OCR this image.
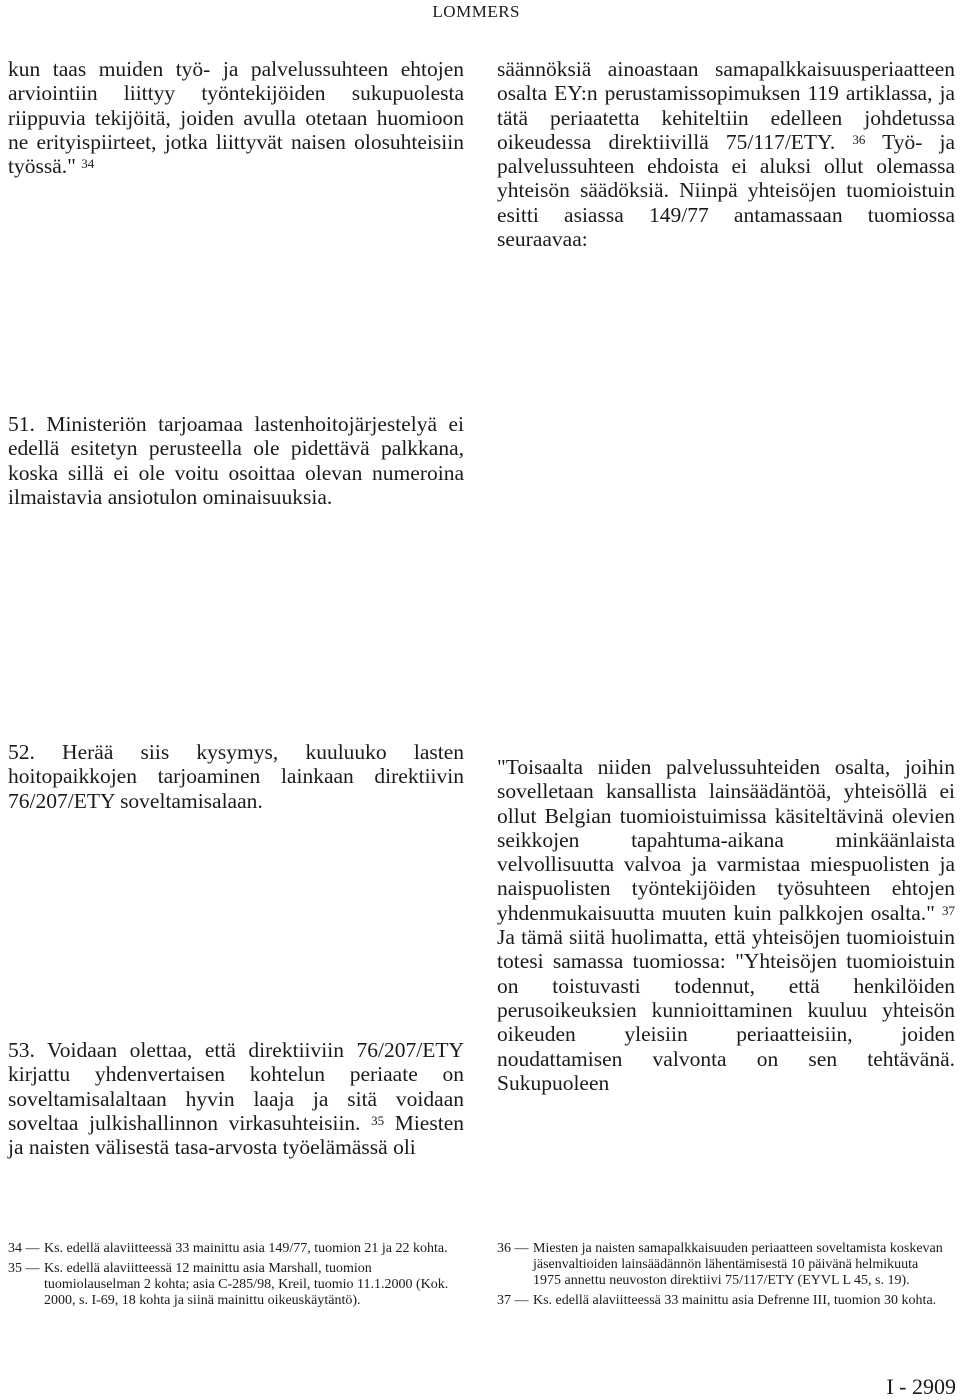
LOMMERS

kun taas muiden työ- ja palvelussuhteen ehtojen arviointiin liittyy työntekijöiden sukupuolesta riippuvia tekijöitä, joiden avulla otetaan huomioon ne erityispiirteet, jotka liittyvät naisen olosuhteisiin työssä." $^{34}$

säännöksiä ainoastaan samapalkkaisuusperiaatteen osalta EY:n perustamissopimuksen 119 artiklassa, ja tätä periaatetta kehiteltiin edelleen johdetussa oikeudessa direktiivillä 75/117/ETY. $^{36}$ Työ- ja palvelussuhteen ehdoista ei aluksi ollut olemassa yhteisön säädöksiä. Niinpä yhteisöjen tuomioistuin esitti asiassa 149/77 antamassaan tuomiossa seuraavaa:

51. Ministeriön tarjoamaa lastenhoitojärjestelyä ei edellä esitetyn perusteella ole pidettävä palkkana, koska sillä ei ole voitu osoittaa olevan numeroina ilmaistavia ansiotulon ominaisuuksia.

52. Herää siis kysymys, kuuluuko lasten hoitopaikkojen tarjoaminen lainkaan direktiivin 76/207/ETY soveltamisalaan.

"Toisaalta niiden palvelussuhteiden osalta, joihin sovelletaan kansallista lainsäädäntöä, yhteisöllä ei ollut Belgian tuomioistuimissa käsiteltävinä olevien seikkojen tapahtuma-aikana minkäänlaista velvollisuutta valvoa ja varmistaa miespuolisten ja naispuolisten työntekijöiden työsuhteen ehtojen yhdenmukaisuutta muuten kuin palkkojen osalta." $^{37}$ Ja tämä siitä huolimatta, että yhteisöjen tuomioistuin totesi samassa tuomiossa: "Yhteisöjen tuomioistuin on toistuvasti todennut, että henkilöiden perusoikeuksien kunnioittaminen kuuluu yhteisön oikeuden yleisiin periaatteisiin, joiden noudattamisen valvonta on sen tehtävänä. Sukupuoleen

53. Voidaan olettaa, että direktiiviin 76/207/ETY kirjattu yhdenvertaisen kohtelun periaate on soveltamisalaltaan hyvin laaja ja sitä voidaan soveltaa julkishallinnon virkasuhteisiin. $^{35}$ Miesten ja naisten välisestä tasa-arvosta työelämässä oli

34 — Ks. edellä alaviitteessä 33 mainittu asia 149/77, tuomion 21 ja 22 kohta.
35 — Ks. edellä alaviitteessä 12 mainittu asia Marshall, tuomion tuomiolauselman 2 kohta; asia C-285/98, Kreil, tuomio 11.1.2000 (Kok. 2000, s. I-69, 18 kohta ja siinä mainittu oikeuskäytäntö).
36 — Miesten ja naisten samapalkkaisuuden periaatteen soveltamista koskevan jäsenvaltioiden lainsäädännön lähentämisestä 10 päivänä helmikuuta 1975 annettu neuvoston direktiivi 75/117/ETY (EYVL L 45, s. 19).
37 — Ks. edellä alaviitteessä 33 mainittu asia Defrenne III, tuomion 30 kohta.
I - 2909
